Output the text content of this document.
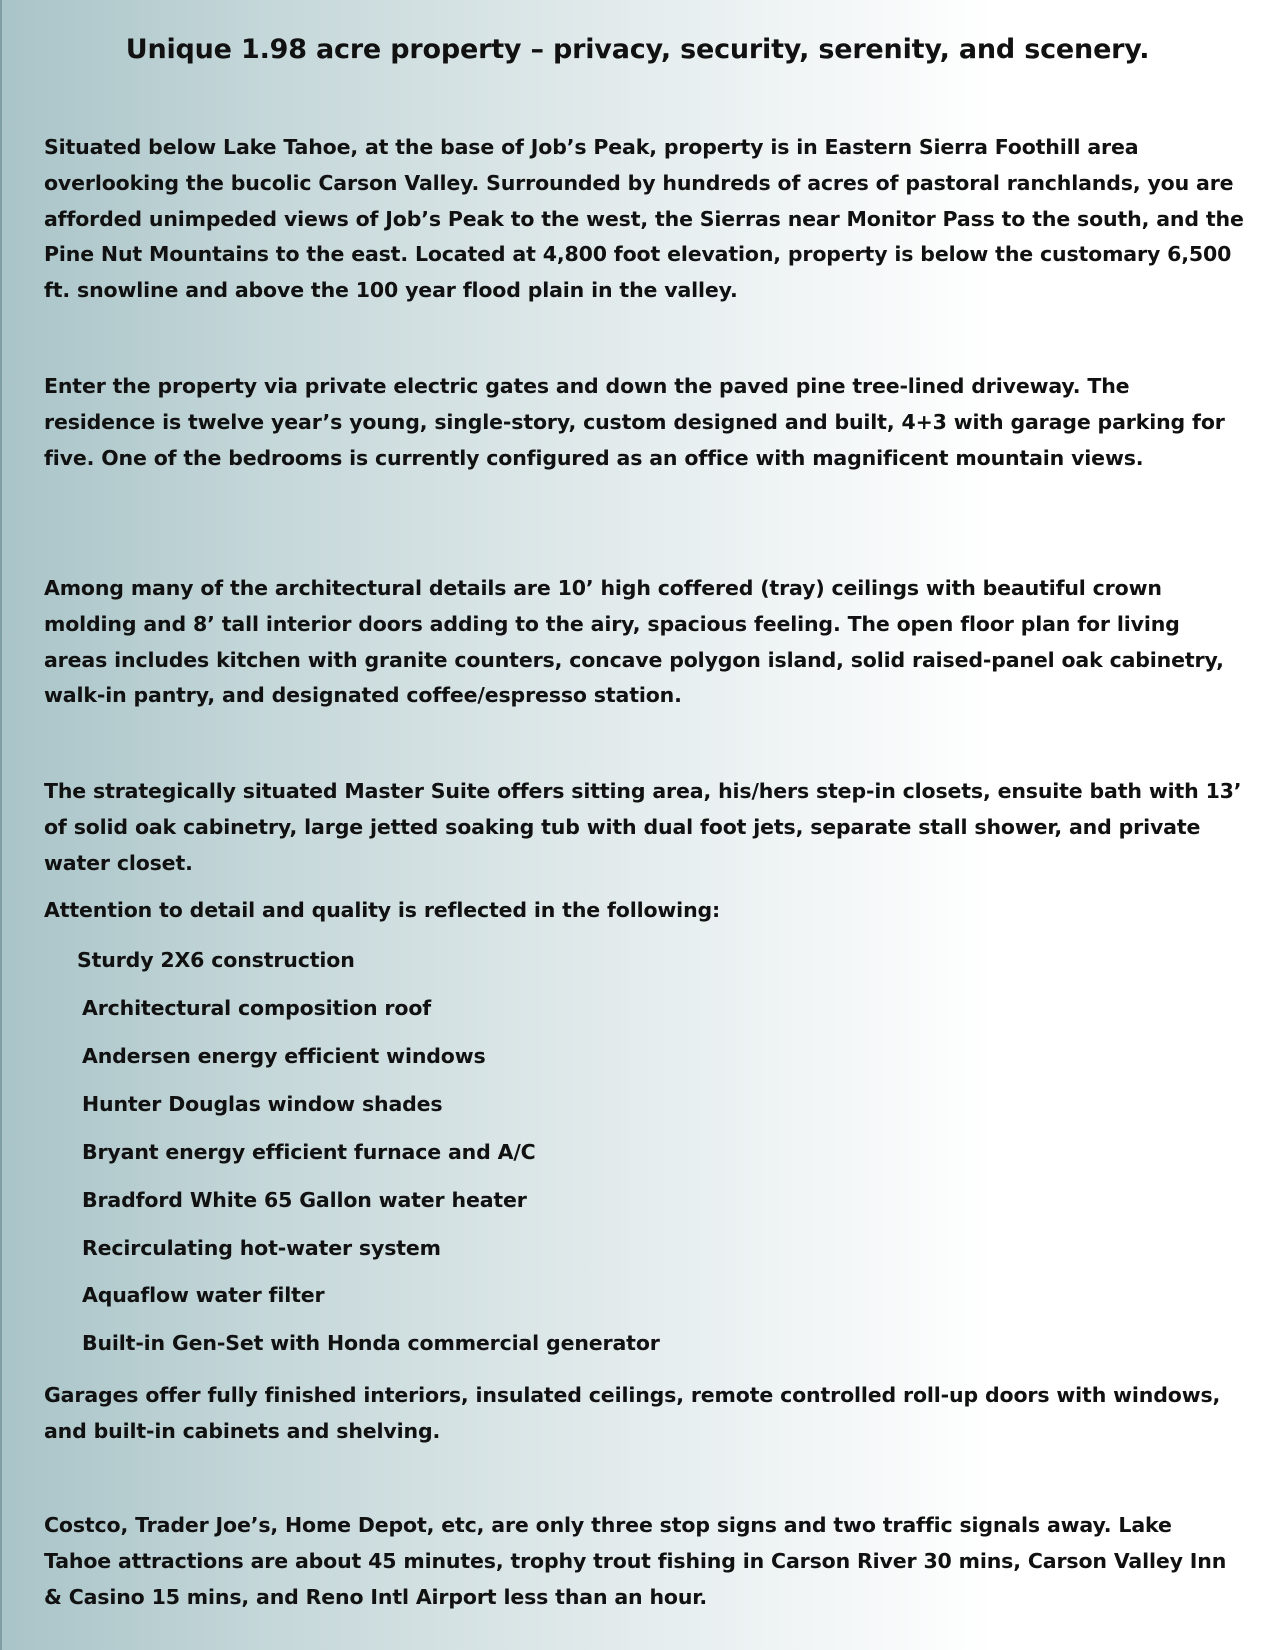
Unique 1.98 acre property – privacy, security, serenity, and scenery.

Situated below Lake Tahoe, at the base of Job’s Peak, property is in Eastern Sierra Foothill area overlooking the bucolic Carson Valley. Surrounded by hundreds of acres of pastoral ranchlands, you are afforded unimpeded views of Job’s Peak to the west, the Sierras near Monitor Pass to the south, and the Pine Nut Mountains to the east. Located at 4,800 foot elevation, property is below the customary 6,500 ft. snowline and above the 100 year flood plain in the valley.

Enter the property via private electric gates and down the paved pine tree-lined driveway. The residence is twelve year’s young, single-story, custom designed and built, 4+3 with garage parking for five. One of the bedrooms is currently configured as an office with magnificent mountain views.

Among many of the architectural details are 10’ high coffered (tray) ceilings with beautiful crown molding and 8’ tall interior doors adding to the airy, spacious feeling. The open floor plan for living areas includes kitchen with granite counters, concave polygon island, solid raised-panel oak cabinetry, walk-in pantry, and designated coffee/espresso station.

The strategically situated Master Suite offers sitting area, his/hers step-in closets, ensuite bath with 13’ of solid oak cabinetry, large jetted soaking tub with dual foot jets, separate stall shower, and private water closet.

Attention to detail and quality is reflected in the following:

Sturdy 2X6 construction
Architectural composition roof
Andersen energy efficient windows
Hunter Douglas window shades
Bryant energy efficient furnace and A/C
Bradford White 65 Gallon water heater
Recirculating hot-water system
Aquaflow water filter
Built-in Gen-Set with Honda commercial generator

Garages offer fully finished interiors, insulated ceilings, remote controlled roll-up doors with windows, and built-in cabinets and shelving.

Costco, Trader Joe’s, Home Depot, etc, are only three stop signs and two traffic signals away. Lake Tahoe attractions are about 45 minutes, trophy trout fishing in Carson River 30 mins, Carson Valley Inn & Casino 15 mins, and Reno Intl Airport less than an hour.
